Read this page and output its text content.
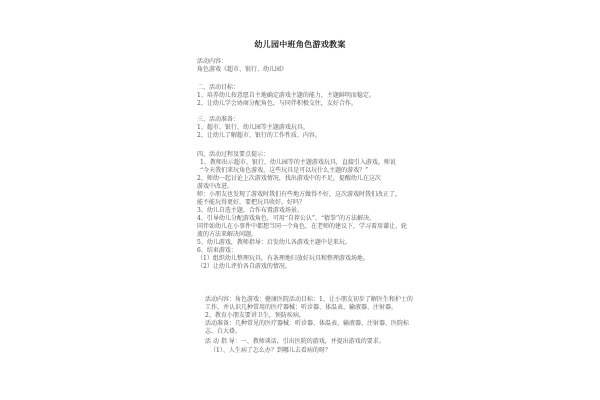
幼儿园中班角色游戏教案
活动内容：
角色游戏《超市、银行、幼儿园》
二、活动目标：
1、培养幼儿按意愿自主地确定游戏主题的能力，主题鲜明而稳定。
2、让幼儿学会协商分配角色，与同伴积极交往，友好合作。
三、活动准备：
1、超市、银行、幼儿园等主题游戏玩具。
2、让幼儿了解超市、银行的工作性质、内容。
四、活动过程及要点提示：
1、教师出示超市、银行、幼儿园等的主题游戏玩具，直接引入游戏。师说
“今天我们来玩角色游戏，这些玩具是可以玩什么主题的游戏？”
2、师幼一起讨论上次游戏情况，找出游戏中的不足，提醒幼儿在这次
游戏中改进。
师：小朋友也发现了游戏时我们有些地方做得不好，这次游戏时我们改正了，
能不能玩得更好，要把玩具收好，好吗？
3、幼儿自选主题，合作布置游戏场景。
4、引导幼儿分配游戏角色，可用“自荐公认”、“猜拳”的方法解决。
同伴如幼儿在小事件中都想当同一个角色，在老师的建议下，学习着用谦让、轮
流的方法来解决问题。
5、幼儿游戏，教师指导：启发幼儿各游戏主题中是来玩。
6、结束游戏：
（1）组织幼儿整理玩具，有条理地归放好玩具和整理游戏场地。
（2）让幼儿评价各自游戏的情况。
活动内容：角色游戏：健康医院活动目标：1、让小朋友初步了解医生和护士的
工作，并认识几种常用的医疗器械：听诊器、体温表、输液器、注射器。
2、教育小朋友要讲卫生，预防疾病。
活动准备：几种常见的医疗器械：听诊器、体温表、输液器、注射器、医院标
志、白大褂。
活 动 指 导：一、教师谈话，引出医院的游戏，并提出游戏的要求。
（1）、人生病了怎么办？到哪儿去看病的呀？
